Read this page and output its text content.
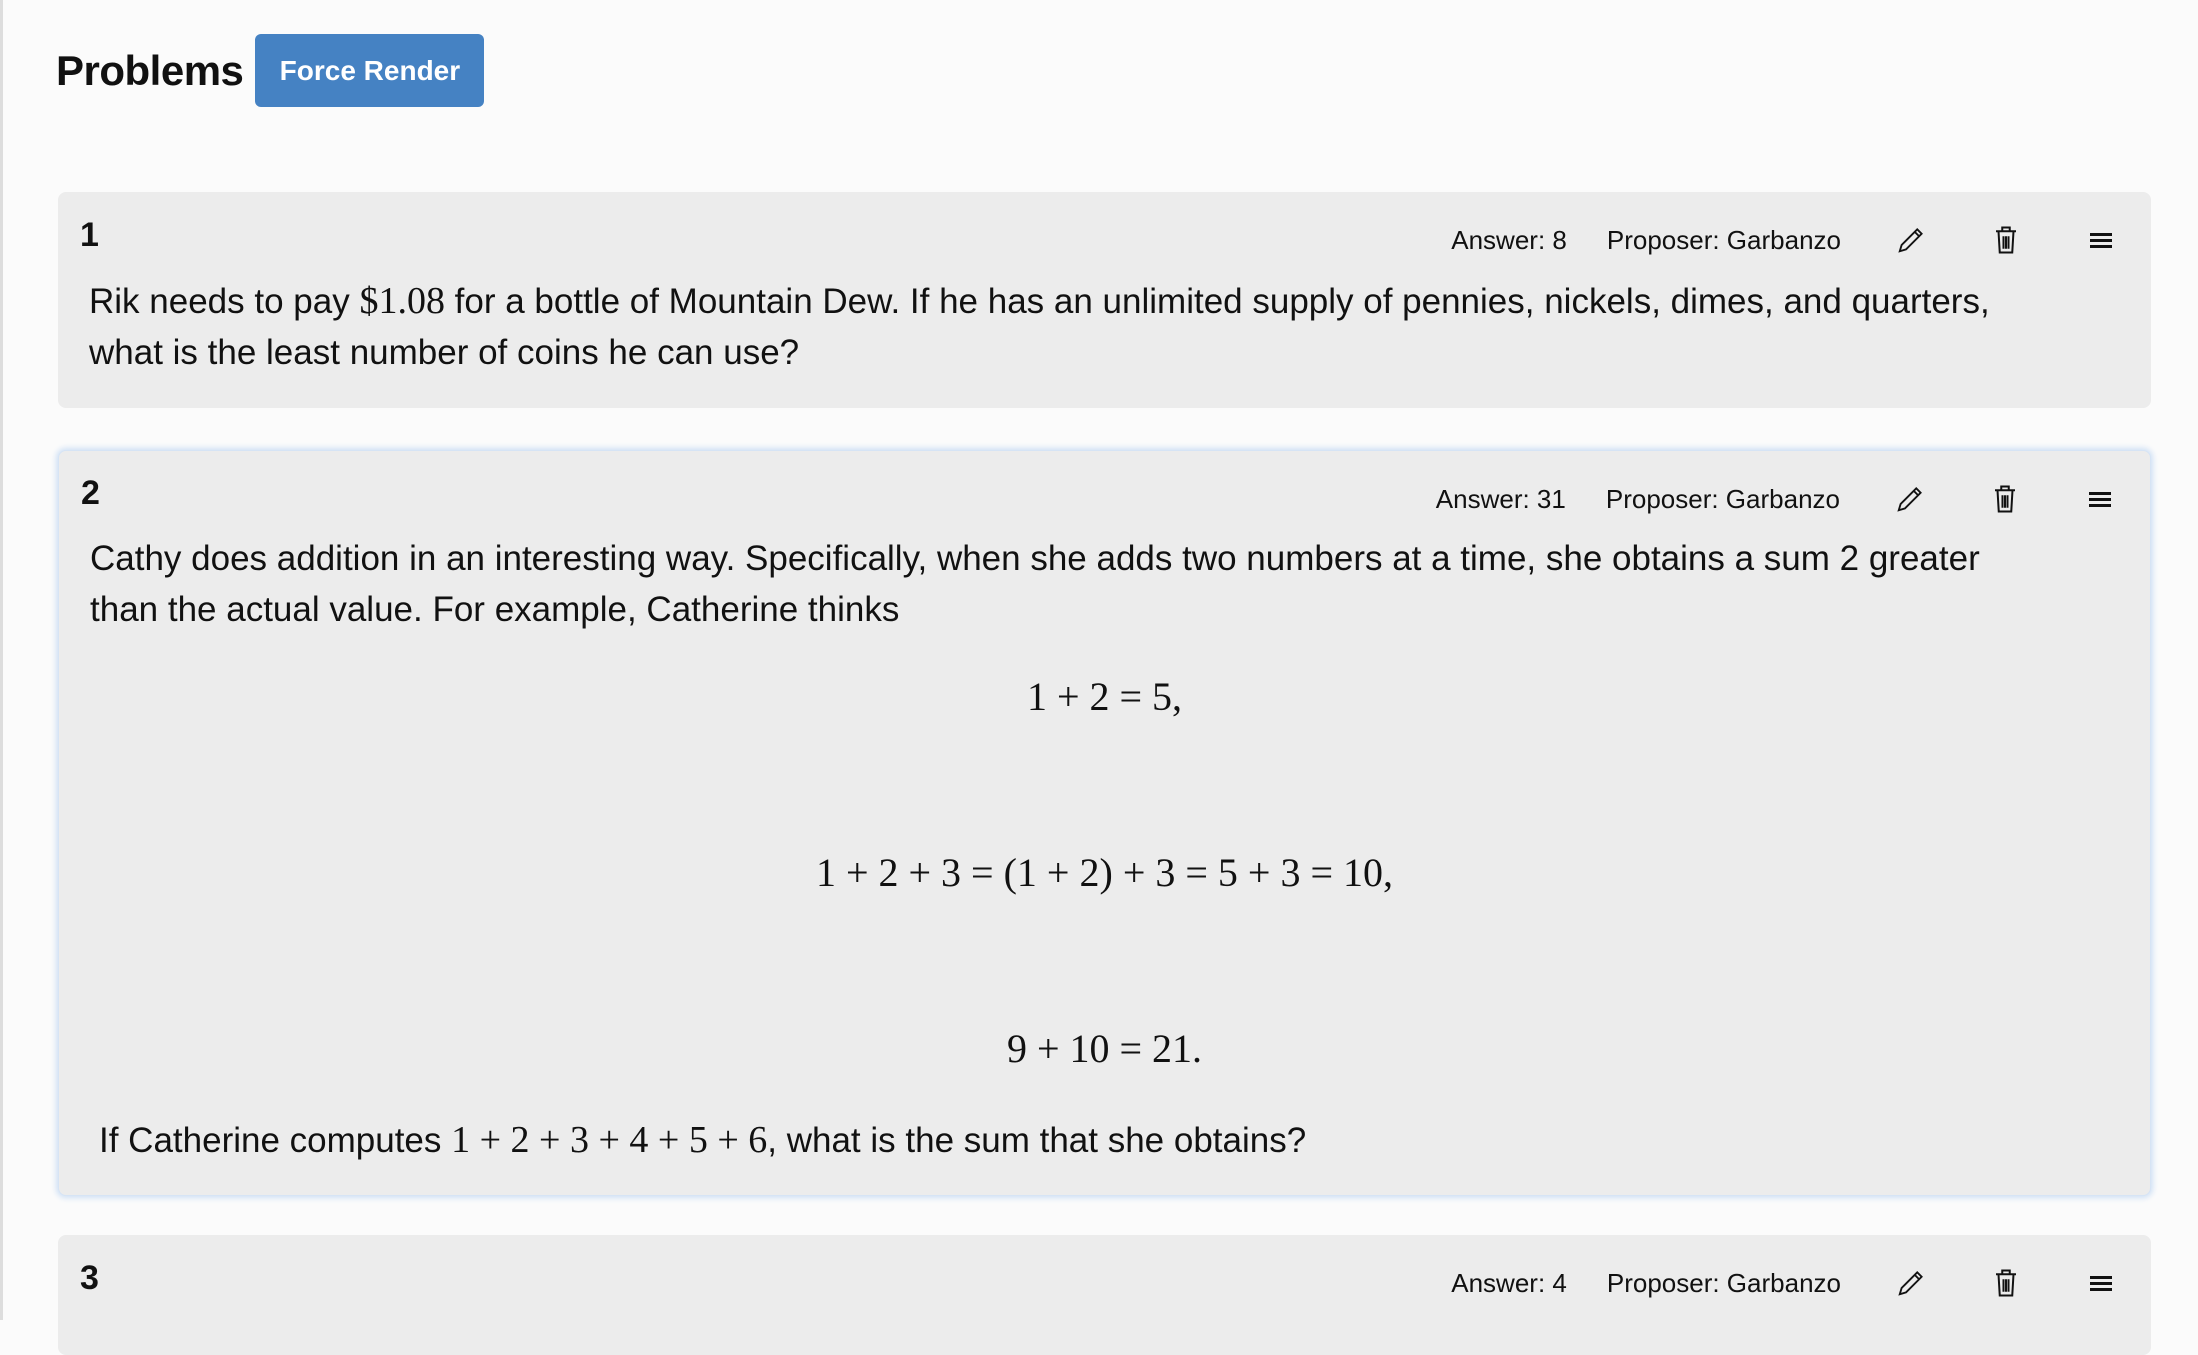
Problems	Force Render
1	Answer: 8 Proposer: Garbanzo
Rik needs to pay $1.08 for a bottle of Mountain Dew. If he has an unlimited supply of pennies, nickels, dimes, and quarters, what is the least number of coins he can use?
2	Answer: 31 Proposer: Garbanzo
Cathy does addition in an interesting way. Specifically, when she adds two numbers at a time, she obtains a sum 2 greater than the actual value. For example, Catherine thinks
1 + 2 = 5,
1 + 2 + 3 = (1 + 2) + 3 = 5 + 3 = 10,
9 + 10 = 21.
If Catherine computes 1 + 2 + 3 + 4 + 5 + 6, what is the sum that she obtains?
3	Answer: 4 Proposer: Garbanzo
